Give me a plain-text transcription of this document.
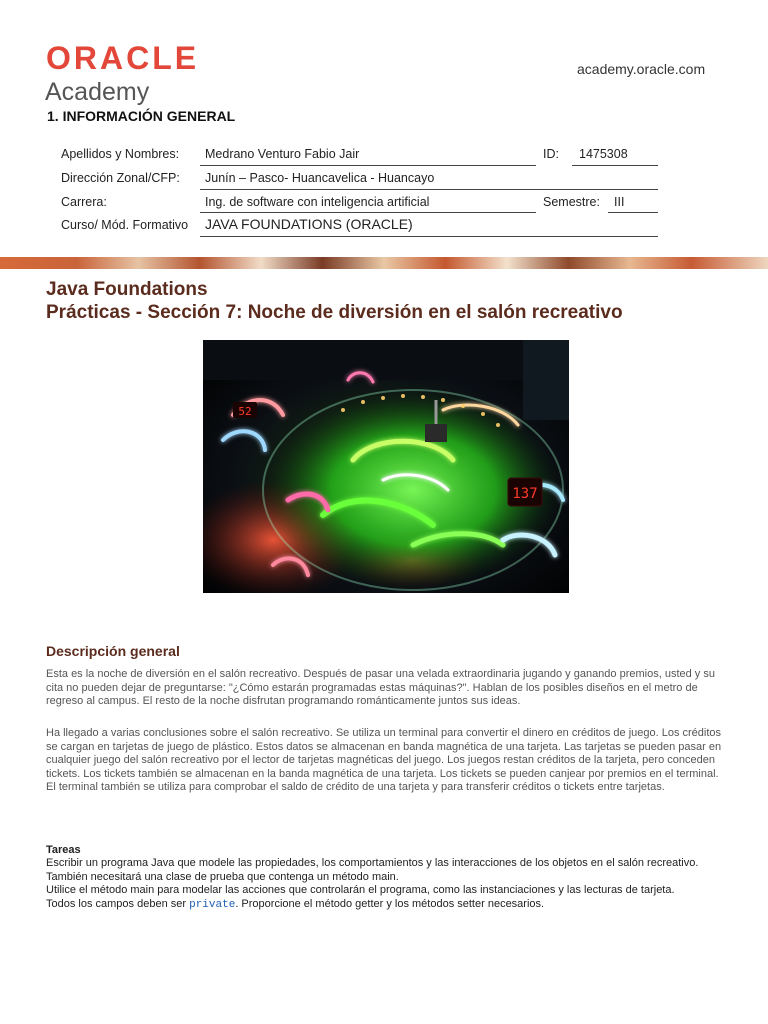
ORACLE
Academy
academy.oracle.com
1. INFORMACIÓN GENERAL
Apellidos y Nombres: Medrano Venturo Fabio Jair	ID: 1475308
Dirección Zonal/CFP: Junín – Pasco- Huancavelica - Huancayo
Carrera:	Ing. de software con inteligencia artificial	Semestre: III
Curso/ Mód. Formativo JAVA FOUNDATIONS (ORACLE)
Java Foundations
Prácticas - Sección 7: Noche de diversión en el salón recreativo
137
52
Descripción general
Esta es la noche de diversión en el salón recreativo. Después de pasar una velada extraordinaria jugando y ganando premios, usted y su cita no pueden dejar de preguntarse: "¿Cómo estarán programadas estas máquinas?". Hablan de los posibles diseños en el metro de regreso al campus. El resto de la noche disfrutan programando románticamente juntos sus ideas.
Ha llegado a varias conclusiones sobre el salón recreativo. Se utiliza un terminal para convertir el dinero en créditos de juego. Los créditos se cargan en tarjetas de juego de plástico. Estos datos se almacenan en banda magnética de una tarjeta. Las tarjetas se pueden pasar en cualquier juego del salón recreativo por el lector de tarjetas magnéticas del juego. Los juegos restan créditos de la tarjeta, pero conceden tickets. Los tickets también se almacenan en la banda magnética de una tarjeta. Los tickets se pueden canjear por premios en el terminal. El terminal también se utiliza para comprobar el saldo de crédito de una tarjeta y para transferir créditos o tickets entre tarjetas.
Tareas
Escribir un programa Java que modele las propiedades, los comportamientos y las interacciones de los objetos en el salón recreativo.
También necesitará una clase de prueba que contenga un método main.
Utilice el método main para modelar las acciones que controlarán el programa, como las instanciaciones y las lecturas de tarjeta.
Todos los campos deben ser private. Proporcione el método getter y los métodos setter necesarios.
